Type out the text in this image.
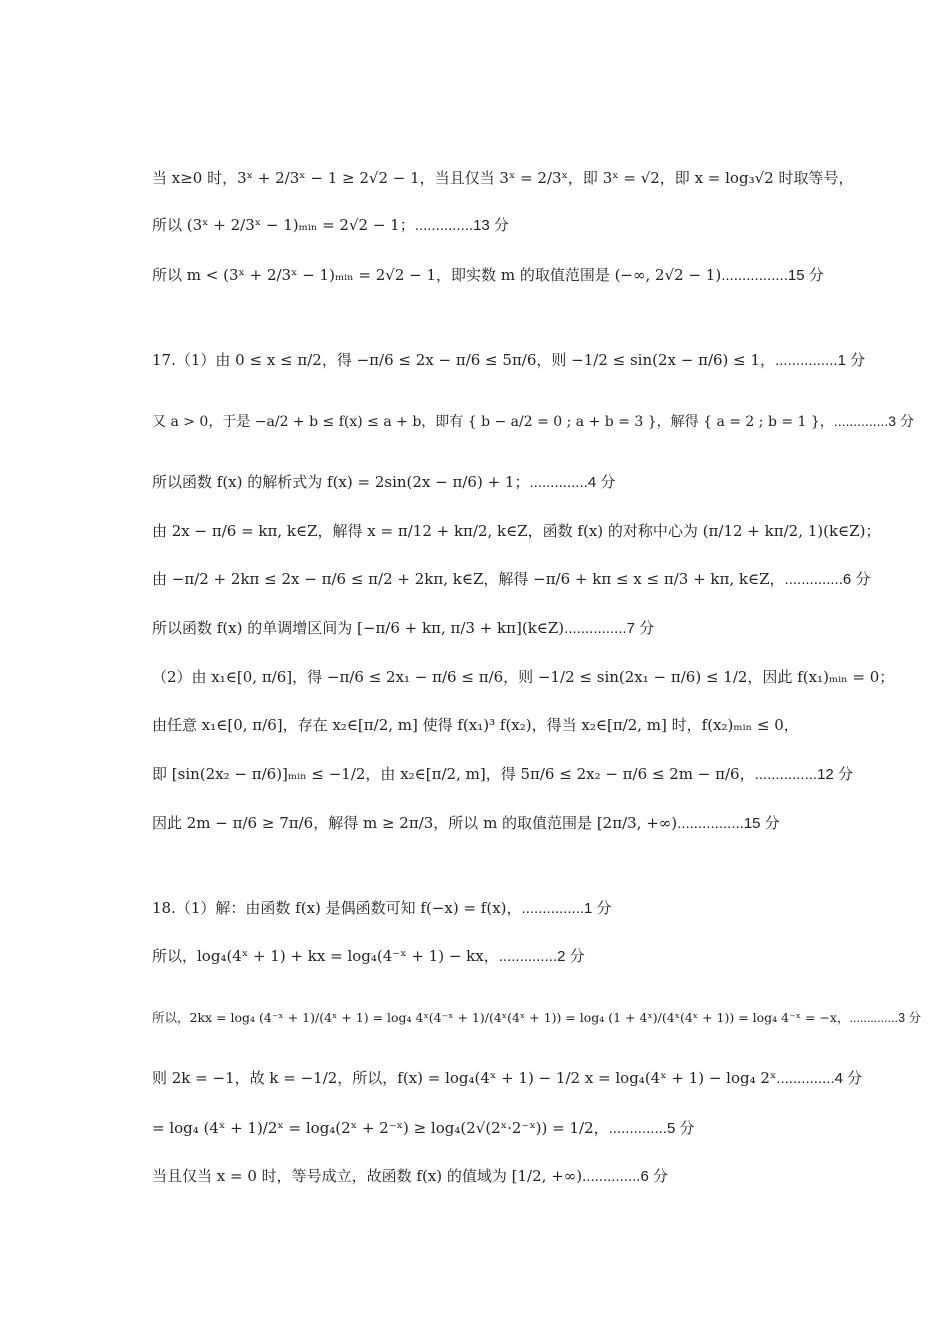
当 x≥0 时，3ˣ + 2/3ˣ − 1 ≥ 2√2 − 1，当且仅当 3ˣ = 2/3ˣ，即 3ˣ = √2，即 x = log₃√2 时取等号，
所以 (3ˣ + 2/3ˣ − 1)ₘᵢₙ = 2√2 − 1；..............13 分
所以 m < (3ˣ + 2/3ˣ − 1)ₘᵢₙ = 2√2 − 1，即实数 m 的取值范围是 (−∞, 2√2 − 1)................15 分
17.（1）由 0 ≤ x ≤ π/2，得 −π/6 ≤ 2x − π/6 ≤ 5π/6，则 −1/2 ≤ sin(2x − π/6) ≤ 1，...............1 分
又 a > 0，于是 −a/2 + b ≤ f(x) ≤ a + b，即有 { b − a/2 = 0 ; a + b = 3 }，解得 { a = 2 ; b = 1 }，..............3 分
所以函数 f(x) 的解析式为 f(x) = 2sin(2x − π/6) + 1；..............4 分
由 2x − π/6 = kπ, k∈Z，解得 x = π/12 + kπ/2, k∈Z，函数 f(x) 的对称中心为 (π/12 + kπ/2, 1)(k∈Z)；
由 −π/2 + 2kπ ≤ 2x − π/6 ≤ π/2 + 2kπ, k∈Z，解得 −π/6 + kπ ≤ x ≤ π/3 + kπ, k∈Z，..............6 分
所以函数 f(x) 的单调增区间为 [−π/6 + kπ, π/3 + kπ](k∈Z)...............7 分
（2）由 x₁∈[0, π/6]，得 −π/6 ≤ 2x₁ − π/6 ≤ π/6，则 −1/2 ≤ sin(2x₁ − π/6) ≤ 1/2，因此 f(x₁)ₘᵢₙ = 0；
由任意 x₁∈[0, π/6]，存在 x₂∈[π/2, m] 使得 f(x₁)³ f(x₂)，得当 x₂∈[π/2, m] 时，f(x₂)ₘᵢₙ ≤ 0，
即 [sin(2x₂ − π/6)]ₘᵢₙ ≤ −1/2，由 x₂∈[π/2, m]，得 5π/6 ≤ 2x₂ − π/6 ≤ 2m − π/6，...............12 分
因此 2m − π/6 ≥ 7π/6，解得 m ≥ 2π/3，所以 m 的取值范围是 [2π/3, +∞)................15 分
18.（1）解：由函数 f(x) 是偶函数可知 f(−x) = f(x)，...............1 分
所以，log₄(4ˣ + 1) + kx = log₄(4⁻ˣ + 1) − kx，..............2 分
所以，2kx = log₄ (4⁻ˣ + 1)/(4ˣ + 1) = log₄ 4ˣ(4⁻ˣ + 1)/(4ˣ(4ˣ + 1)) = log₄ (1 + 4ˣ)/(4ˣ(4ˣ + 1)) = log₄ 4⁻ˣ = −x，..............3 分
则 2k = −1，故 k = −1/2，所以，f(x) = log₄(4ˣ + 1) − 1/2 x = log₄(4ˣ + 1) − log₄ 2ˣ..............4 分
= log₄ (4ˣ + 1)/2ˣ = log₄(2ˣ + 2⁻ˣ) ≥ log₄(2√(2ˣ·2⁻ˣ)) = 1/2，..............5 分
当且仅当 x = 0 时，等号成立，故函数 f(x) 的值域为 [1/2, +∞)..............6 分
